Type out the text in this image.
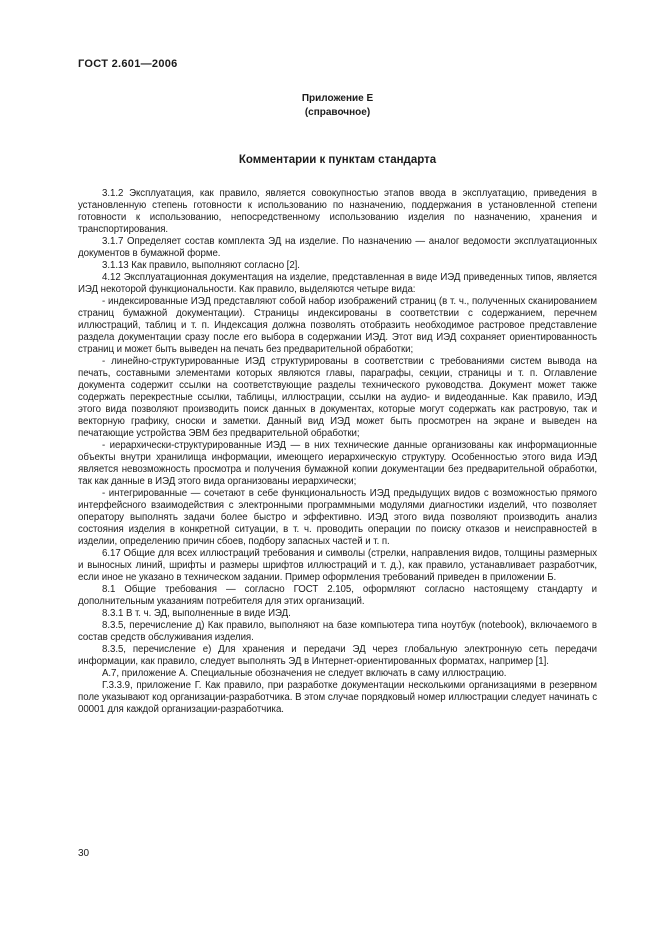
ГОСТ 2.601—2006

Приложение Е

(справочное)

Комментарии к пунктам стандарта

3.1.2 Эксплуатация, как правило, является совокупностью этапов ввода в эксплуатацию, приведения в установленную степень готовности к использованию по назначению, поддержания в установленной степени готовности к использованию, непосредственному использованию изделия по назначению, хранения и транспортирования.

3.1.7 Определяет состав комплекта ЭД на изделие. По назначению — аналог ведомости эксплуатационных документов в бумажной форме.

3.1.13 Как правило, выполняют согласно [2].

4.12 Эксплуатационная документация на изделие, представленная в виде ИЭД приведенных типов, является ИЭД некоторой функциональности. Как правило, выделяются четыре вида:

- индексированные ИЭД представляют собой набор изображений страниц (в т. ч., полученных сканированием страниц бумажной документации). Страницы индексированы в соответствии с содержанием, перечнем иллюстраций, таблиц и т. п. Индексация должна позволять отобразить необходимое растровое представление раздела документации сразу после его выбора в содержании ИЭД. Этот вид ИЭД сохраняет ориентированность страниц и может быть выведен на печать без предварительной обработки;

- линейно-структурированные ИЭД структурированы в соответствии с требованиями систем вывода на печать, составными элементами которых являются главы, параграфы, секции, страницы и т. п. Оглавление документа содержит ссылки на соответствующие разделы технического руководства. Документ может также содержать перекрестные ссылки, таблицы, иллюстрации, ссылки на аудио- и видеоданные. Как правило, ИЭД этого вида позволяют производить поиск данных в документах, которые могут содержать как растровую, так и векторную графику, сноски и заметки. Данный вид ИЭД может быть просмотрен на экране и выведен на печатающие устройства ЭВМ без предварительной обработки;

- иерархически-структурированные ИЭД — в них технические данные организованы как информационные объекты внутри хранилища информации, имеющего иерархическую структуру. Особенностью этого вида ИЭД является невозможность просмотра и получения бумажной копии документации без предварительной обработки, так как данные в ИЭД этого вида организованы иерархически;

- интегрированные — сочетают в себе функциональность ИЭД предыдущих видов с возможностью прямого интерфейсного взаимодействия с электронными программными модулями диагностики изделий, что позволяет оператору выполнять задачи более быстро и эффективно. ИЭД этого вида позволяют производить анализ состояния изделия в конкретной ситуации, в т. ч. проводить операции по поиску отказов и неисправностей в изделии, определению причин сбоев, подбору запасных частей и т. п.

6.17 Общие для всех иллюстраций требования и символы (стрелки, направления видов, толщины размерных и выносных линий, шрифты и размеры шрифтов иллюстраций и т. д.), как правило, устанавливает разработчик, если иное не указано в техническом задании. Пример оформления требований приведен в приложении Б.

8.1 Общие требования — согласно ГОСТ 2.105, оформляют согласно настоящему стандарту и дополнительным указаниям потребителя для этих организаций.

8.3.1 В т. ч. ЭД, выполненные в виде ИЭД.

8.3.5, перечисление д) Как правило, выполняют на базе компьютера типа ноутбук (notebook), включаемого в состав средств обслуживания изделия.

8.3.5, перечисление е) Для хранения и передачи ЭД через глобальную электронную сеть передачи информации, как правило, следует выполнять ЭД в Интернет-ориентированных форматах, например [1].

А.7, приложение А. Специальные обозначения не следует включать в саму иллюстрацию.

Г.3.3.9, приложение Г. Как правило, при разработке документации несколькими организациями в резервном поле указывают код организации-разработчика. В этом случае порядковый номер иллюстрации следует начинать с 00001 для каждой организации-разработчика.

30
